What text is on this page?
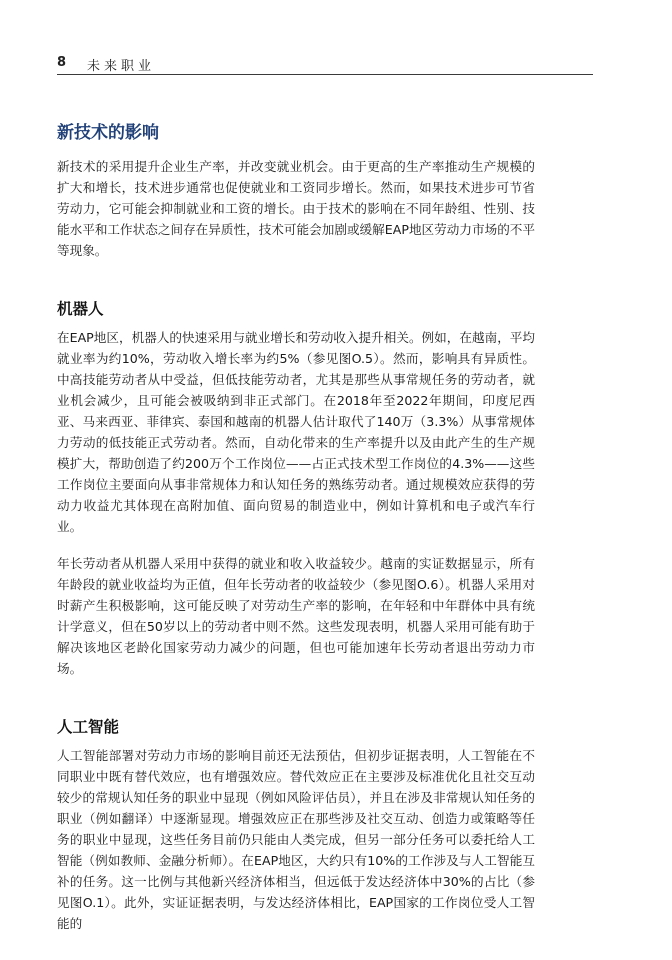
8 未来职业
新技术的影响

新技术的采用提升企业生产率，并改变就业机会。由于更高的生产率推动生产规模的扩大和增长，技术进步通常也促使就业和工资同步增长。然而，如果技术进步可节省劳动力，它可能会抑制就业和工资的增长。由于技术的影响在不同年龄组、性别、技能水平和工作状态之间存在异质性，技术可能会加剧或缓解EAP地区劳动力市场的不平等现象。

机器人

在EAP地区，机器人的快速采用与就业增长和劳动收入提升相关。例如，在越南，平均就业率为约10%，劳动收入增长率为约5%（参见图O.5）。然而，影响具有异质性。中高技能劳动者从中受益，但低技能劳动者，尤其是那些从事常规任务的劳动者，就业机会减少，且可能会被吸纳到非正式部门。在2018年至2022年期间，印度尼西亚、马来西亚、菲律宾、泰国和越南的机器人估计取代了140万（3.3%）从事常规体力劳动的低技能正式劳动者。然而，自动化带来的生产率提升以及由此产生的生产规模扩大，帮助创造了约200万个工作岗位——占正式技术型工作岗位的4.3%——这些工作岗位主要面向从事非常规体力和认知任务的熟练劳动者。通过规模效应获得的劳动力收益尤其体现在高附加值、面向贸易的制造业中，例如计算机和电子或汽车行业。

年长劳动者从机器人采用中获得的就业和收入收益较少。越南的实证数据显示，所有年龄段的就业收益均为正值，但年长劳动者的收益较少（参见图O.6）。机器人采用对时薪产生积极影响，这可能反映了对劳动生产率的影响，在年轻和中年群体中具有统计学意义，但在50岁以上的劳动者中则不然。这些发现表明，机器人采用可能有助于解决该地区老龄化国家劳动力减少的问题，但也可能加速年长劳动者退出劳动力市场。

人工智能

人工智能部署对劳动力市场的影响目前还无法预估，但初步证据表明，人工智能在不同职业中既有替代效应，也有增强效应。替代效应正在主要涉及标准优化且社交互动较少的常规认知任务的职业中显现（例如风险评估员），并且在涉及非常规认知任务的职业（例如翻译）中逐渐显现。增强效应正在那些涉及社交互动、创造力或策略等任务的职业中显现，这些任务目前仍只能由人类完成，但另一部分任务可以委托给人工智能（例如教师、金融分析师）。在EAP地区，大约只有10%的工作涉及与人工智能互补的任务。这一比例与其他新兴经济体相当，但远低于发达经济体中30%的占比（参见图O.1）。此外，实证证据表明，与发达经济体相比，EAP国家的工作岗位受人工智能的
